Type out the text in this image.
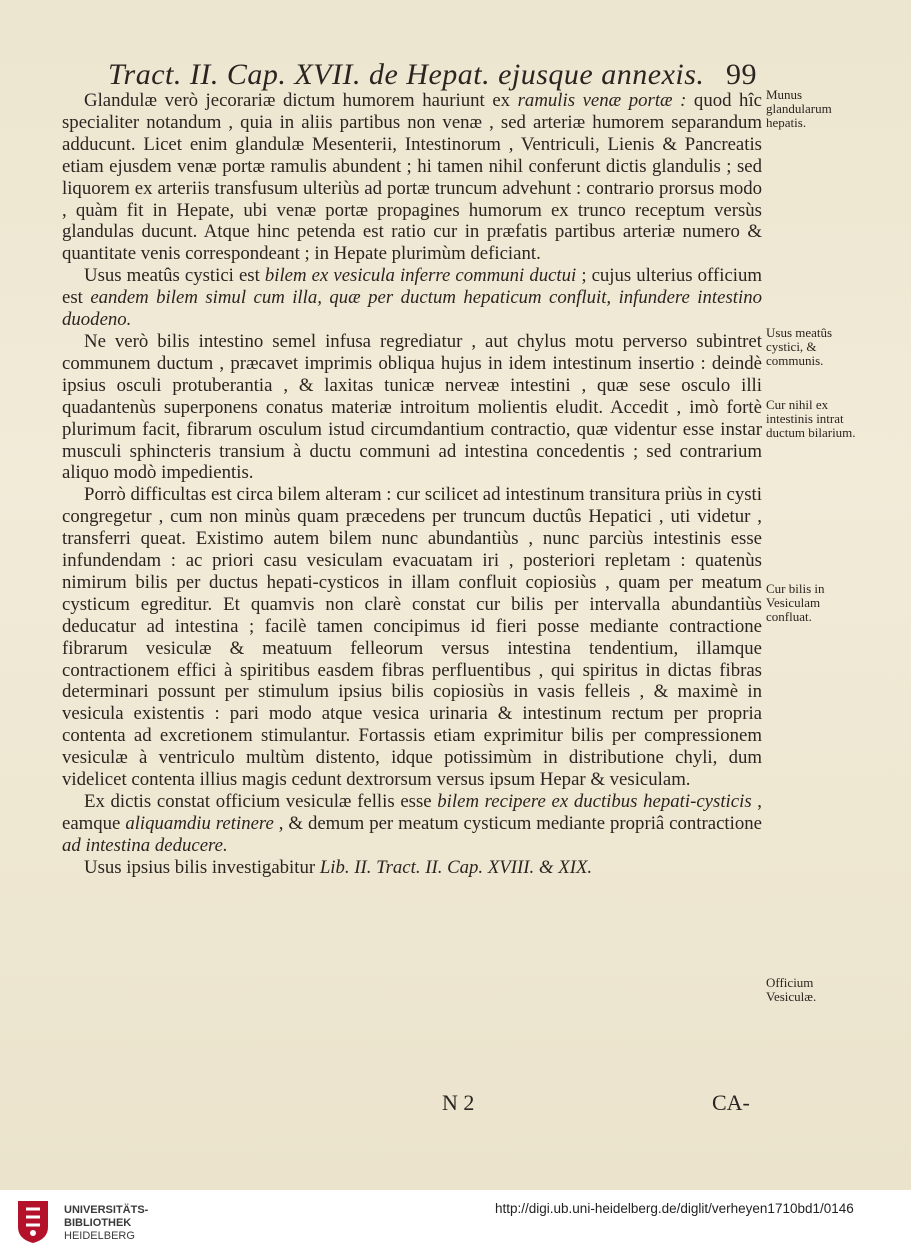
Tract. II. Cap. XVII. de Hepat. ejusque annexis. 99

Glandulæ verò jecorariæ dictum humorem hauriunt ex ramulis venæ portæ : quod hîc specialiter notandum , quia in aliis partibus non venæ , sed arteriæ humorem separandum adducunt. Licet enim glandulæ Mesenterii, Intestinorum , Ventriculi, Lienis & Pancreatis etiam ejusdem venæ portæ ramulis abundent ; hi tamen nihil conferunt dictis glandulis ; sed liquorem ex arteriis transfusum ulteriùs ad portæ truncum advehunt : contrario prorsus modo , quàm fit in Hepate, ubi venæ portæ propagines humorum ex trunco receptum versùs glandulas ducunt. Atque hinc petenda est ratio cur in præfatis partibus arteriæ numero & quantitate venis correspondeant ; in Hepate plurimùm deficiant.

Usus meatûs cystici est bilem ex vesicula inferre communi ductui ; cujus ulterius officium est eandem bilem simul cum illa, quæ per ductum hepaticum confluit, infundere intestino duodeno.

Ne verò bilis intestino semel infusa regrediatur , aut chylus motu perverso subintret communem ductum , præcavet imprimis obliqua hujus in idem intestinum insertio : deindè ipsius osculi protuberantia , & laxitas tunicæ nerveæ intestini , quæ sese osculo illi quadantenùs superponens conatus materiæ introitum molientis eludit. Accedit , imò fortè plurimum facit, fibrarum osculum istud circumdantium contractio, quæ videntur esse instar musculi sphincteris transium à ductu communi ad intestina concedentis ; sed contrarium aliquo modò impedientis.

Porrò difficultas est circa bilem alteram : cur scilicet ad intestinum transitura priùs in cysti congregetur , cum non minùs quam præcedens per truncum ductûs Hepatici , uti videtur , transferri queat. Existimo autem bilem nunc abundantiùs , nunc parciùs intestinis esse infundendam : ac priori casu vesiculam evacuatam iri , posteriori repletam : quatenùs nimirum bilis per ductus hepati-cysticos in illam confluit copiosiùs , quam per meatum cysticum egreditur. Et quamvis non clarè constat cur bilis per intervalla abundantiùs deducatur ad intestina ; facilè tamen concipimus id fieri posse mediante contractione fibrarum vesiculæ & meatuum felleorum versus intestina tendentium, illamque contractionem effici à spiritibus easdem fibras perfluentibus , qui spiritus in dictas fibras determinari possunt per stimulum ipsius bilis copiosiùs in vasis felleis , & maximè in vesicula existentis : pari modo atque vesica urinaria & intestinum rectum per propria contenta ad excretionem stimulantur. Fortassis etiam exprimitur bilis per compressionem vesiculæ à ventriculo multùm distento, idque potissimùm in distributione chyli, dum videlicet contenta illius magis cedunt dextrorsum versus ipsum Hepar & vesiculam.

Ex dictis constat officium vesiculæ fellis esse bilem recipere ex ductibus hepati-cysticis , eamque aliquamdiu retinere , & demum per meatum cysticum mediante propriâ contractione ad intestina deducere.

Usus ipsius bilis investigabitur Lib. II. Tract. II. Cap. XVIII. & XIX.

Munus glandularum hepatis.
Usus meatûs cystici, & communis.
Cur nihil ex intestinis intrat ductum bilarium.
Cur bilis in Vesiculam confluat.
Officium Vesiculæ.
N 2	CA-
UNIVERSITÄTS-
BIBLIOTHEK
HEIDELBERG
http://digi.ub.uni-heidelberg.de/diglit/verheyen1710bd1/0146
